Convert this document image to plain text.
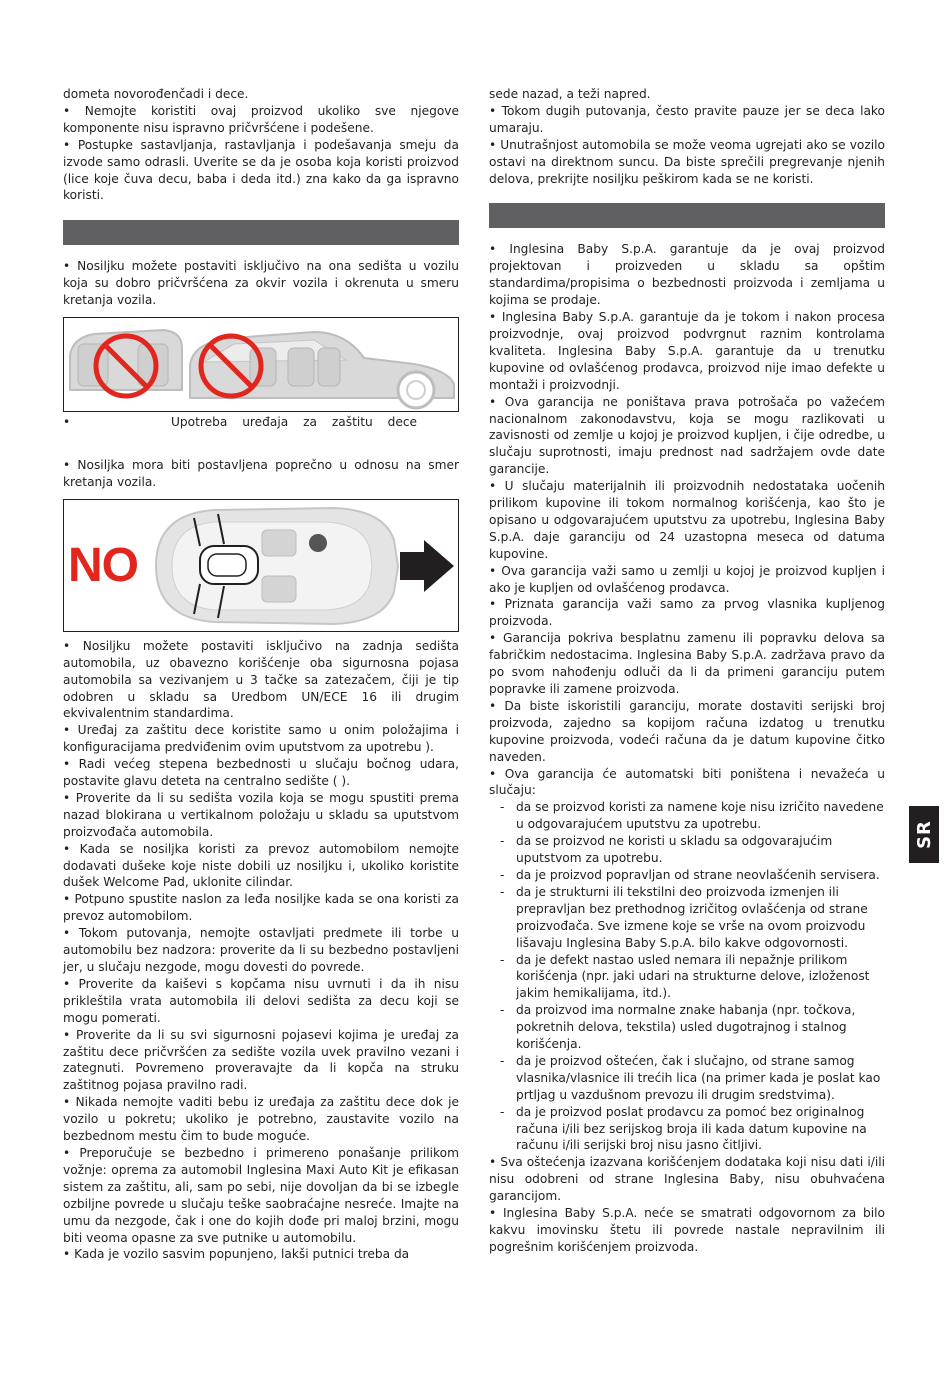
dometa novorođenčadi i dece.

• Nemojte koristiti ovaj proizvod ukoliko sve njegove komponente nisu ispravno pričvršćene i podešene.

• Postupke sastavljanja, rastavljanja i podešavanja smeju da izvode samo odrasli. Uverite se da je osoba koja koristi proizvod (lice koje čuva decu, baba i deda itd.) zna kako da ga ispravno koristi.

• Nosiljku možete postaviti isključivo na ona sedišta u vozilu koja su dobro pričvršćena za okvir vozila i okrenuta u smeru kretanja vozila.

•	Upotreba uređaja za zaštitu dece

• Nosiljka mora biti postavljena poprečno u odnosu na smer kretanja vozila.

NO

• Nosiljku možete postaviti isključivo na zadnja sedišta automobila, uz obavezno korišćenje oba sigurnosna pojasa automobila sa vezivanjem u 3 tačke sa zatezačem, čiji je tip odobren u skladu sa Uredbom UN/ECE 16 ili drugim ekvivalentnim standardima.

• Uređaj za zaštitu dece koristite samo u onim položajima i konfiguracijama predviđenim ovim uputstvom za upotrebu ).

• Radi većeg stepena bezbednosti u slučaju bočnog udara, postavite glavu deteta na centralno sedište ( ).

• Proverite da li su sedišta vozila koja se mogu spustiti prema nazad blokirana u vertikalnom položaju u skladu sa uputstvom proizvođača automobila.

• Kada se nosiljka koristi za prevoz automobilom nemojte dodavati dušeke koje niste dobili uz nosiljku i, ukoliko koristite dušek Welcome Pad, uklonite cilindar.

• Potpuno spustite naslon za leđa nosiljke kada se ona koristi za prevoz automobilom.

• Tokom putovanja, nemojte ostavljati predmete ili torbe u automobilu bez nadzora: proverite da li su bezbedno postavljeni jer, u slučaju nezgode, mogu dovesti do povrede.

• Proverite da kaiševi s kopčama nisu uvrnuti i da ih nisu prikleštila vrata automobila ili delovi sedišta za decu koji se mogu pomerati.

• Proverite da li su svi sigurnosni pojasevi kojima je uređaj za zaštitu dece pričvršćen za sedište vozila uvek pravilno vezani i zategnuti. Povremeno proveravajte da li kopča na struku zaštitnog pojasa pravilno radi.

• Nikada nemojte vaditi bebu iz uređaja za zaštitu dece dok je vozilo u pokretu; ukoliko je potrebno, zaustavite vozilo na bezbednom mestu čim to bude moguće.

• Preporučuje se bezbedno i primereno ponašanje prilikom vožnje: oprema za automobil Inglesina Maxi Auto Kit je efikasan sistem za zaštitu, ali, sam po sebi, nije dovoljan da bi se izbegle ozbiljne povrede u slučaju teške saobraćajne nesreće. Imajte na umu da nezgode, čak i one do kojih dođe pri maloj brzini, mogu biti veoma opasne za sve putnike u automobilu.

• Kada je vozilo sasvim popunjeno, lakši putnici treba da

sede nazad, a teži napred.

• Tokom dugih putovanja, često pravite pauze jer se deca lako umaraju.

• Unutrašnjost automobila se može veoma ugrejati ako se vozilo ostavi na direktnom suncu. Da biste sprečili pregrevanje njenih delova, prekrijte nosiljku peškirom kada se ne koristi.

• Inglesina Baby S.p.A. garantuje da je ovaj proizvod projektovan i proizveden u skladu sa opštim standardima/propisima o bezbednosti proizvoda i zemljama u kojima se prodaje.

• Inglesina Baby S.p.A. garantuje da je tokom i nakon procesa proizvodnje, ovaj proizvod podvrgnut raznim kontrolama kvaliteta. Inglesina Baby S.p.A. garantuje da u trenutku kupovine od ovlašćenog prodavca, proizvod nije imao defekte u montaži i proizvodnji.

• Ova garancija ne poništava prava potrošača po važećem nacionalnom zakonodavstvu, koja se mogu razlikovati u zavisnosti od zemlje u kojoj je proizvod kupljen, i čije odredbe, u slučaju suprotnosti, imaju prednost nad sadržajem ovde date garancije.

• U slučaju materijalnih ili proizvodnih nedostataka uočenih prilikom kupovine ili tokom normalnog korišćenja, kao što je opisano u odgovarajućem uputstvu za upotrebu, Inglesina Baby S.p.A. daje garanciju od 24 uzastopna meseca od datuma kupovine.

• Ova garancija važi samo u zemlji u kojoj je proizvod kupljen i ako je kupljen od ovlašćenog prodavca.

• Priznata garancija važi samo za prvog vlasnika kupljenog proizvoda.

• Garancija pokriva besplatnu zamenu ili popravku delova sa fabričkim nedostacima. Inglesina Baby S.p.A. zadržava pravo da po svom nahođenju odluči da li da primeni garanciju putem popravke ili zamene proizvoda.

• Da biste iskoristili garanciju, morate dostaviti serijski broj proizvoda, zajedno sa kopijom računa izdatog u trenutku kupovine proizvoda, vodeći računa da je datum kupovine čitko naveden.

• Ova garancija će automatski biti poništena i nevažeća u slučaju:

- da se proizvod koristi za namene koje nisu izričito navedene u odgovarajućem uputstvu za upotrebu.
- da se proizvod ne koristi u skladu sa odgovarajućim uputstvom za upotrebu.
- da je proizvod popravljan od strane neovlašćenih servisera.
- da je strukturni ili tekstilni deo proizvoda izmenjen ili prepravljan bez prethodnog izričitog ovlašćenja od strane proizvođača. Sve izmene koje se vrše na ovom proizvodu lišavaju Inglesina Baby S.p.A. bilo kakve odgovornosti.
- da je defekt nastao usled nemara ili nepažnje prilikom korišćenja (npr. jaki udari na strukturne delove, izloženost jakim hemikalijama, itd.).
- da proizvod ima normalne znake habanja (npr. točkova, pokretnih delova, tekstila) usled dugotrajnog i stalnog korišćenja.
- da je proizvod oštećen, čak i slučajno, od strane samog vlasnika/vlasnice ili trećih lica (na primer kada je poslat kao prtljag u vazdušnom prevozu ili drugim sredstvima).
- da je proizvod poslat prodavcu za pomoć bez originalnog računa i/ili bez serijskog broja ili kada datum kupovine na računu i/ili serijski broj nisu jasno čitljivi.

• Sva oštećenja izazvana korišćenjem dodataka koji nisu dati i/ili nisu odobreni od strane Inglesina Baby, nisu obuhvaćena garancijom.

• Inglesina Baby S.p.A. neće se smatrati odgovornom za bilo kakvu imovinsku štetu ili povrede nastale nepravilnim ili pogrešnim korišćenjem proizvoda.

SR
